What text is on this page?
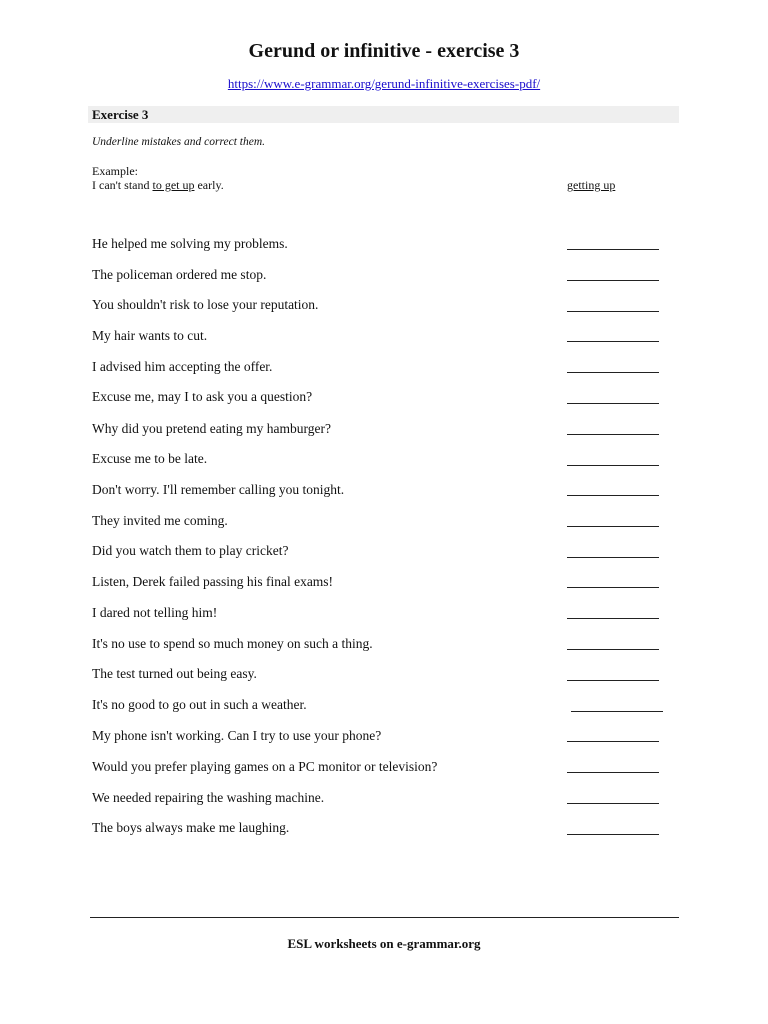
Gerund or infinitive - exercise 3
https://www.e-grammar.org/gerund-infinitive-exercises-pdf/
Exercise 3
Underline mistakes and correct them.
Example:
I can't stand to get up early.	getting up
He helped me solving my problems.
The policeman ordered me stop.
You shouldn't risk to lose your reputation.
My hair wants to cut.
I advised him accepting the offer.
Excuse me, may I to ask you a question?
Why did you pretend eating my hamburger?
Excuse me to be late.
Don't worry. I'll remember calling you tonight.
They invited me coming.
Did you watch them to play cricket?
Listen, Derek failed passing his final exams!
I dared not telling him!
It's no use to spend so much money on such a thing.
The test turned out being easy.
It's no good to go out in such a weather.
My phone isn't working. Can I try to use your phone?
Would you prefer playing games on a PC monitor or television?
We needed repairing the washing machine.
The boys always make me laughing.
ESL worksheets on e-grammar.org
